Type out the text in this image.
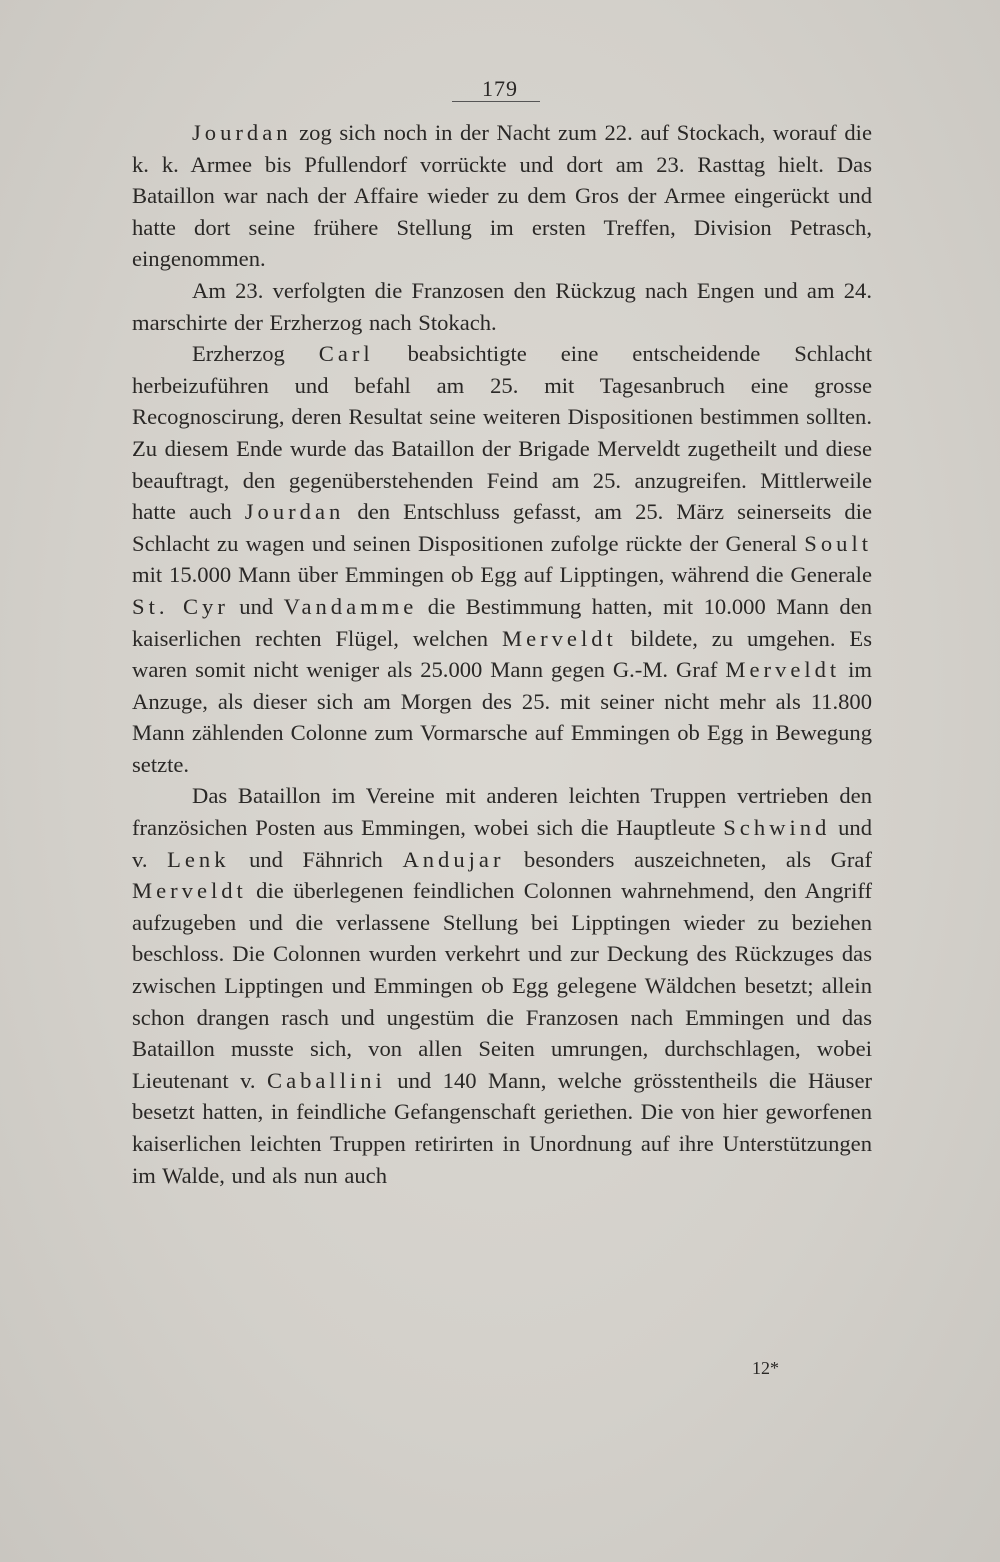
179

Jourdan zog sich noch in der Nacht zum 22. auf Stockach, worauf die k. k. Armee bis Pfullendorf vorrückte und dort am 23. Rasttag hielt. Das Bataillon war nach der Affaire wieder zu dem Gros der Armee eingerückt und hatte dort seine frühere Stellung im ersten Treffen, Division Petrasch, eingenommen.

Am 23. verfolgten die Franzosen den Rückzug nach Engen und am 24. marschirte der Erzherzog nach Stokach.

Erzherzog Carl beabsichtigte eine entscheidende Schlacht herbeizuführen und befahl am 25. mit Tagesanbruch eine grosse Recognoscirung, deren Resultat seine weiteren Dispositionen bestimmen sollten. Zu diesem Ende wurde das Bataillon der Brigade Merveldt zugetheilt und diese beauftragt, den gegenüberstehenden Feind am 25. anzugreifen. Mittlerweile hatte auch Jourdan den Entschluss gefasst, am 25. März seinerseits die Schlacht zu wagen und seinen Dispositionen zufolge rückte der General Soult mit 15.000 Mann über Emmingen ob Egg auf Lipptingen, während die Generale St. Cyr und Vandamme die Bestimmung hatten, mit 10.000 Mann den kaiserlichen rechten Flügel, welchen Merveldt bildete, zu umgehen. Es waren somit nicht weniger als 25.000 Mann gegen G.-M. Graf Merveldt im Anzuge, als dieser sich am Morgen des 25. mit seiner nicht mehr als 11.800 Mann zählenden Colonne zum Vormarsche auf Emmingen ob Egg in Bewegung setzte.

Das Bataillon im Vereine mit anderen leichten Truppen vertrieben den französichen Posten aus Emmingen, wobei sich die Hauptleute Schwind und v. Lenk und Fähnrich Andujar besonders auszeichneten, als Graf Merveldt die überlegenen feindlichen Colonnen wahrnehmend, den Angriff aufzugeben und die verlassene Stellung bei Lipptingen wieder zu beziehen beschloss. Die Colonnen wurden verkehrt und zur Deckung des Rückzuges das zwischen Lipptingen und Emmingen ob Egg gelegene Wäldchen besetzt; allein schon drangen rasch und ungestüm die Franzosen nach Emmingen und das Bataillon musste sich, von allen Seiten umrungen, durchschlagen, wobei Lieutenant v. Caballini und 140 Mann, welche grösstentheils die Häuser besetzt hatten, in feindliche Gefangenschaft geriethen. Die von hier geworfenen kaiserlichen leichten Truppen retirirten in Unordnung auf ihre Unterstützungen im Walde, und als nun auch

12*
